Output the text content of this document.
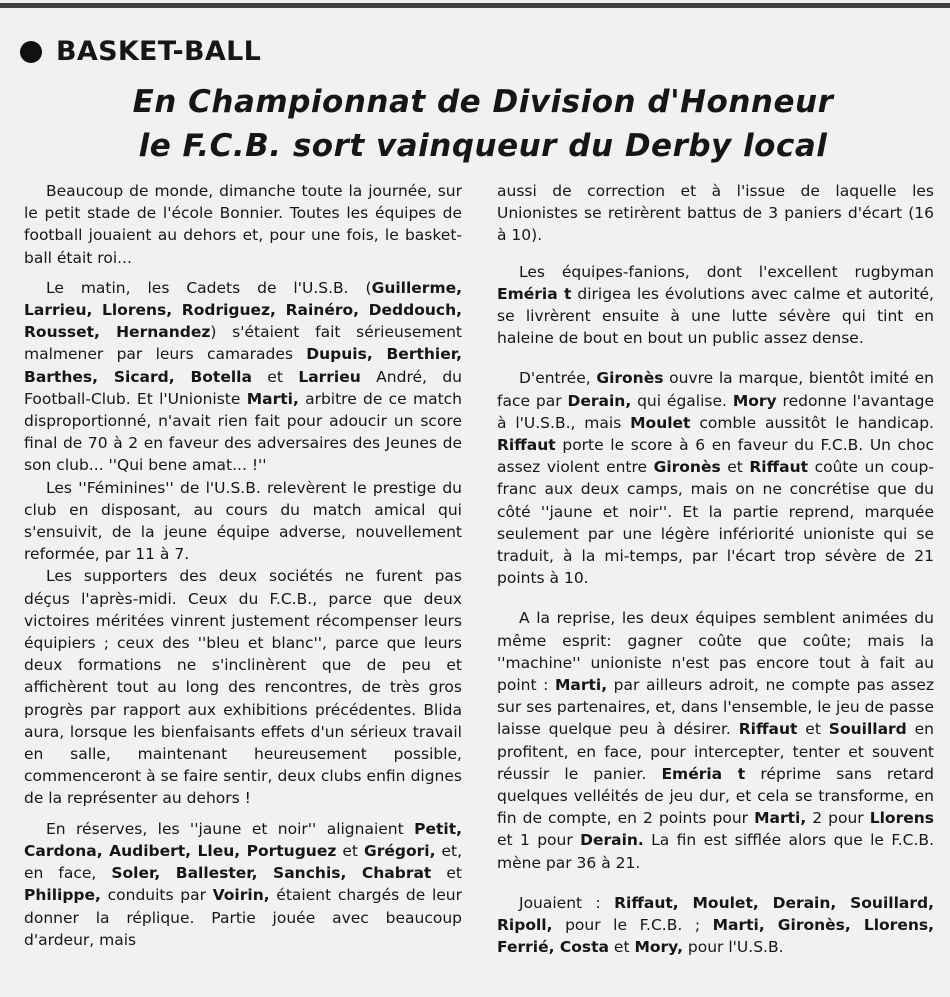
BASKET-BALL
En Championnat de Division d'Honneur
le F.C.B. sort vainqueur du Derby local

Beaucoup de monde, dimanche toute la journée, sur le petit stade de l'école Bonnier. Toutes les équipes de football jouaient au dehors et, pour une fois, le basket-ball était roi...

Le matin, les Cadets de l'U.S.B. (Guillerme, Larrieu, Llorens, Rodriguez, Rainéro, Deddouch, Rousset, Hernandez) s'étaient fait sérieusement malmener par leurs camarades Dupuis, Berthier, Barthes, Sicard, Botella et Larrieu André, du Football-Club. Et l'Unioniste Marti, arbitre de ce match disproportionné, n'avait rien fait pour adoucir un score final de 70 à 2 en faveur des adversaires des Jeunes de son club... ''Qui bene amat... !''

Les ''Féminines'' de l'U.S.B. relevèrent le prestige du club en disposant, au cours du match amical qui s'ensuivit, de la jeune équipe adverse, nouvellement reformée, par 11 à 7.

Les supporters des deux sociétés ne furent pas déçus l'après-midi. Ceux du F.C.B., parce que deux victoires méritées vinrent justement récompenser leurs équipiers ; ceux des ''bleu et blanc'', parce que leurs deux formations ne s'inclinèrent que de peu et affichèrent tout au long des rencontres, de très gros progrès par rapport aux exhibitions précédentes. Blida aura, lorsque les bienfaisants effets d'un sérieux travail en salle, maintenant heureusement possible, commenceront à se faire sentir, deux clubs enfin dignes de la représenter au dehors !

En réserves, les ''jaune et noir'' alignaient Petit, Cardona, Audibert, Lleu, Portuguez et Grégori, et, en face, Soler, Ballester, Sanchis, Chabrat et Philippe, conduits par Voirin, étaient chargés de leur donner la réplique. Partie jouée avec beaucoup d'ardeur, mais

aussi de correction et à l'issue de laquelle les Unionistes se retirèrent battus de 3 paniers d'écart (16 à 10).

Les équipes-fanions, dont l'excellent rugbyman Eméria t dirigea les évolutions avec calme et autorité, se livrèrent ensuite à une lutte sévère qui tint en haleine de bout en bout un public assez dense.

D'entrée, Gironès ouvre la marque, bientôt imité en face par Derain, qui égalise. Mory redonne l'avantage à l'U.S.B., mais Moulet comble aussitôt le handicap. Riffaut porte le score à 6 en faveur du F.C.B. Un choc assez violent entre Gironès et Riffaut coûte un coup-franc aux deux camps, mais on ne concrétise que du côté ''jaune et noir''. Et la partie reprend, marquée seulement par une légère infériorité unioniste qui se traduit, à la mi-temps, par l'écart trop sévère de 21 points à 10.

A la reprise, les deux équipes semblent animées du même esprit: gagner coûte que coûte; mais la ''machine'' unioniste n'est pas encore tout à fait au point : Marti, par ailleurs adroit, ne compte pas assez sur ses partenaires, et, dans l'ensemble, le jeu de passe laisse quelque peu à désirer. Riffaut et Souillard en profitent, en face, pour intercepter, tenter et souvent réussir le panier. Eméria t réprime sans retard quelques velléités de jeu dur, et cela se transforme, en fin de compte, en 2 points pour Marti, 2 pour Llorens et 1 pour Derain. La fin est sifflée alors que le F.C.B. mène par 36 à 21.

Jouaient : Riffaut, Moulet, Derain, Souillard, Ripoll, pour le F.C.B. ; Marti, Gironès, Llorens, Ferrié, Costa et Mory, pour l'U.S.B.
